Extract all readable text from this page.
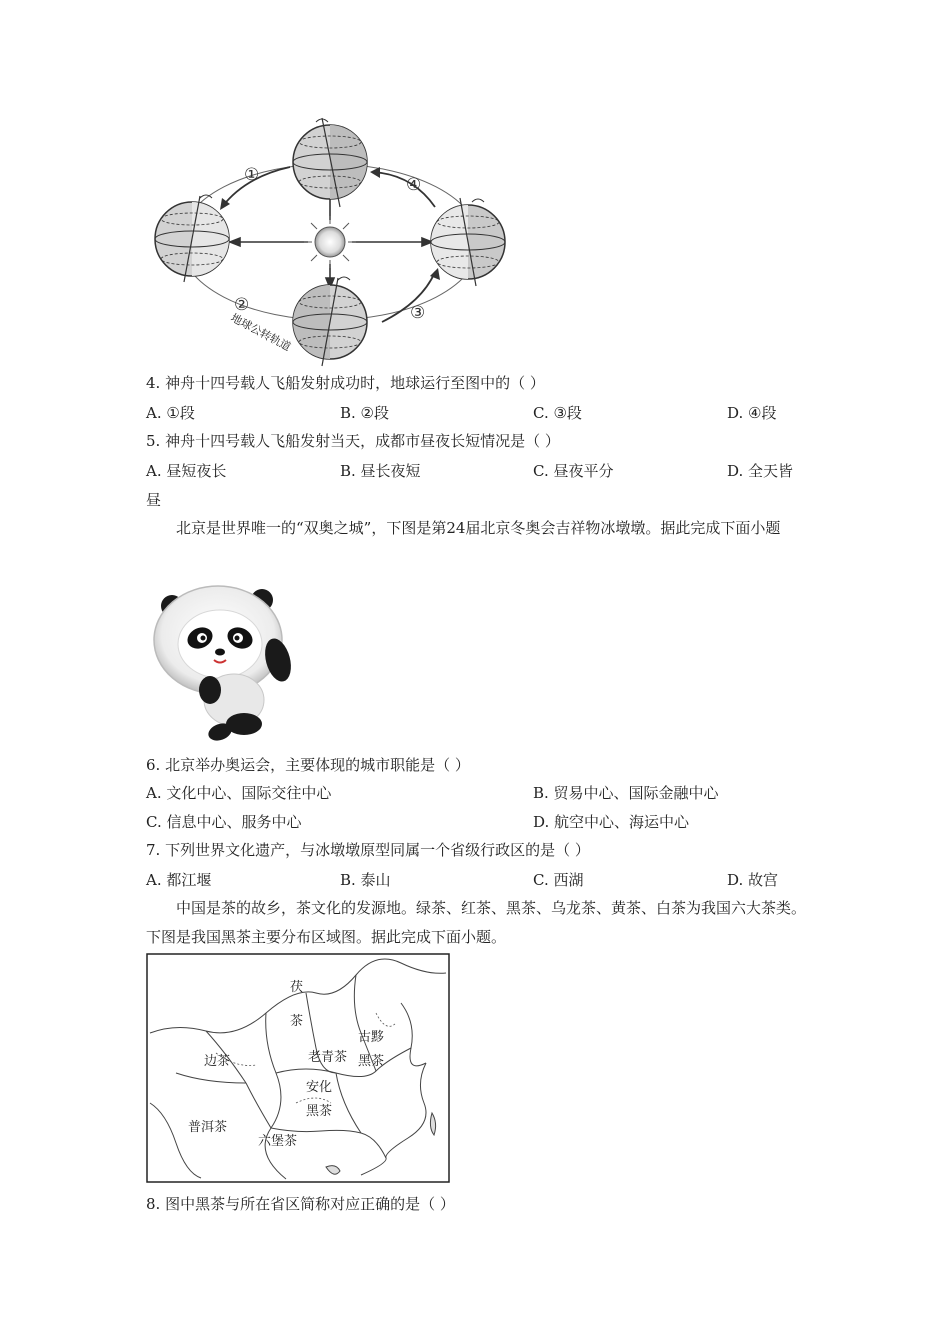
①
②	③
④
地球公转轨道
4. 神舟十四号载人飞船发射成功时，地球运行至图中的（ ）
A. ①段	B. ②段	C. ③段	D. ④段
5. 神舟十四号载人飞船发射当天，成都市昼夜长短情况是（ ）
A. 昼短夜长	B. 昼长夜短	C. 昼夜平分	D. 全天皆
昼
北京是世界唯一的“双奥之城”，下图是第24届北京冬奥会吉祥物冰墩墩。据此完成下面小题
6. 北京举办奥运会，主要体现的城市职能是（ ）
A. 文化中心、国际交往中心	B. 贸易中心、国际金融中心
C. 信息中心、服务中心	D. 航空中心、海运中心
7. 下列世界文化遗产，与冰墩墩原型同属一个省级行政区的是（ ）
A. 都江堰	B. 泰山	C. 西湖	D. 故宫
中国是茶的故乡，茶文化的发源地。绿茶、红茶、黑茶、乌龙茶、黄茶、白茶为我国六大茶类。下图是我国黑茶主要分布区域图。据此完成下面小题。
茯
茶
边茶	老青茶
古黟
黑茶
安化
黑茶
普洱茶
六堡茶
8. 图中黑茶与所在省区简称对应正确的是（ ）
